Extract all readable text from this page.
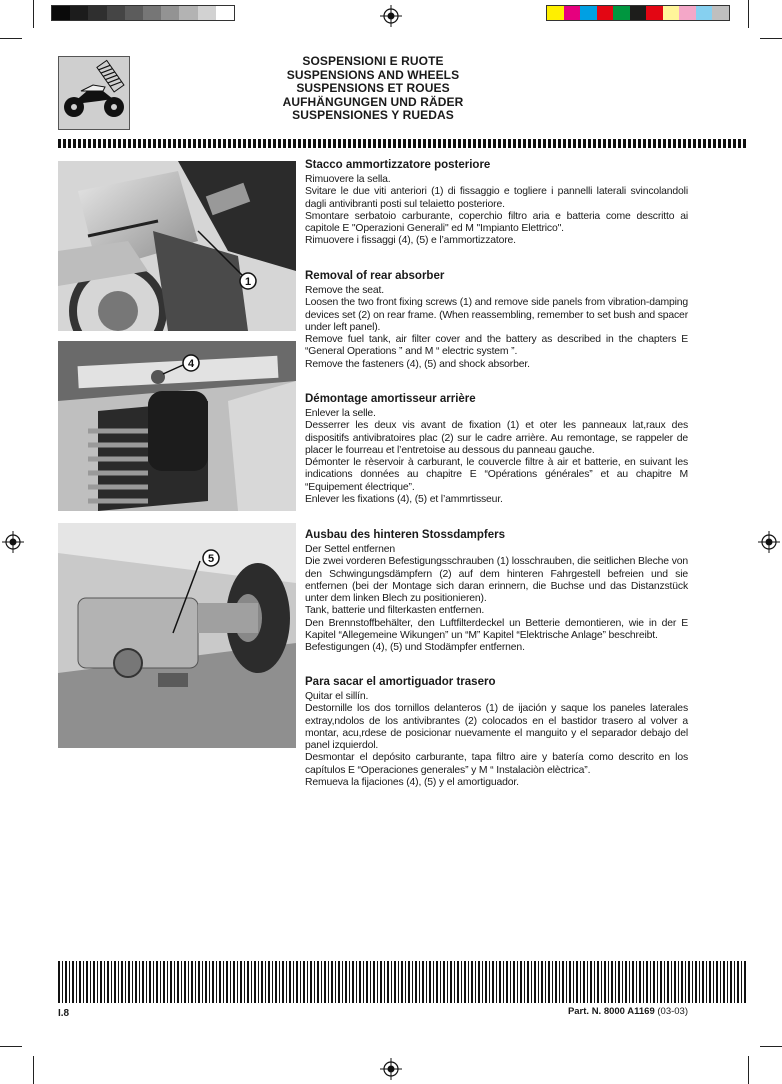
SOSPENSIONI E RUOTE
SUSPENSIONS AND WHEELS
SUSPENSIONS ET ROUES
AUFHÄNGUNGEN UND RÄDER
SUSPENSIONES Y RUEDAS
1
4
5
Stacco ammortizzatore posteriore

Rimuovere la sella.

Svitare le due viti anteriori (1) di fissaggio e togliere i pannelli laterali svincolandoli dagli antivibranti posti sul telaietto posteriore.

Smontare serbatoio carburante, coperchio filtro aria e batteria come descritto ai capitole E "Operazioni Generali" ed M "Impianto Elettrico".

Rimuovere i fissaggi (4), (5) e l’ammortizzatore.

Removal of rear absorber

Remove the seat.

Loosen the two front fixing screws (1) and remove side panels from vibration-damping devices set (2) on rear frame. (When reassembling, remember to set bush and spacer under left panel).

Remove fuel tank, air filter cover and the battery as described in the chapters E “General Operations ” and M “ electric system ”.

Remove the fasteners (4), (5) and shock absorber.

Démontage amortisseur arrière

Enlever la selle.

Desserrer les deux vis avant de fixation (1) et oter les panneaux lat,raux des dispositifs antivibratoires plac (2) sur le cadre arrière. Au remontage, se rappeler de placer le fourreau et l’entretoise au dessous du panneau gauche.

Démonter le rèservoir à carburant, le couvercle filtre à air et batterie, en suivant les indications données au chapitre E “Opérations générales” et au chapitre M “Equipement électrique”.

Enlever les fixations (4), (5) et l’ammrtisseur.

Ausbau des hinteren Stossdampfers

Der Settel entfernen

Die zwei vorderen Befestigungsschrauben (1) losschrauben, die seitlichen Bleche von den Schwingungsdämpfern (2) auf dem hinteren Fahrgestell befreien und sie entfernen (bei der Montage sich daran erinnern, die Buchse und das Distanzstück unter dem linken Blech zu positionieren).

Tank, batterie und filterkasten entfernen.

Den Brennstoffbehälter, den Luftfilterdeckel un Betterie demontieren, wie in der E Kapitel “Allegemeine Wikungen” un “M” Kapitel “Elektrische Anlage” beschreibt.

Befestigungen (4), (5) und Stodämpfer entfernen.

Para sacar el amortiguador trasero

Quitar el sillín.

Destornille los dos tornillos delanteros (1) de ijación y saque los paneles laterales extray,ndolos de los antivibrantes (2) colocados en el bastidor trasero al volver a montar, acu,rdese de posicionar nuevamente el manguito y el separador debajo del panel izquierdol.

Desmontar el depósito carburante, tapa filtro aire y batería como descrito en los capítulos E “Operaciones generales” y M “ Instalaciòn elèctrica”.

Remueva la fijaciones (4), (5) y el amortiguador.

I.8	Part. N. 8000 A1169 (03-03)
